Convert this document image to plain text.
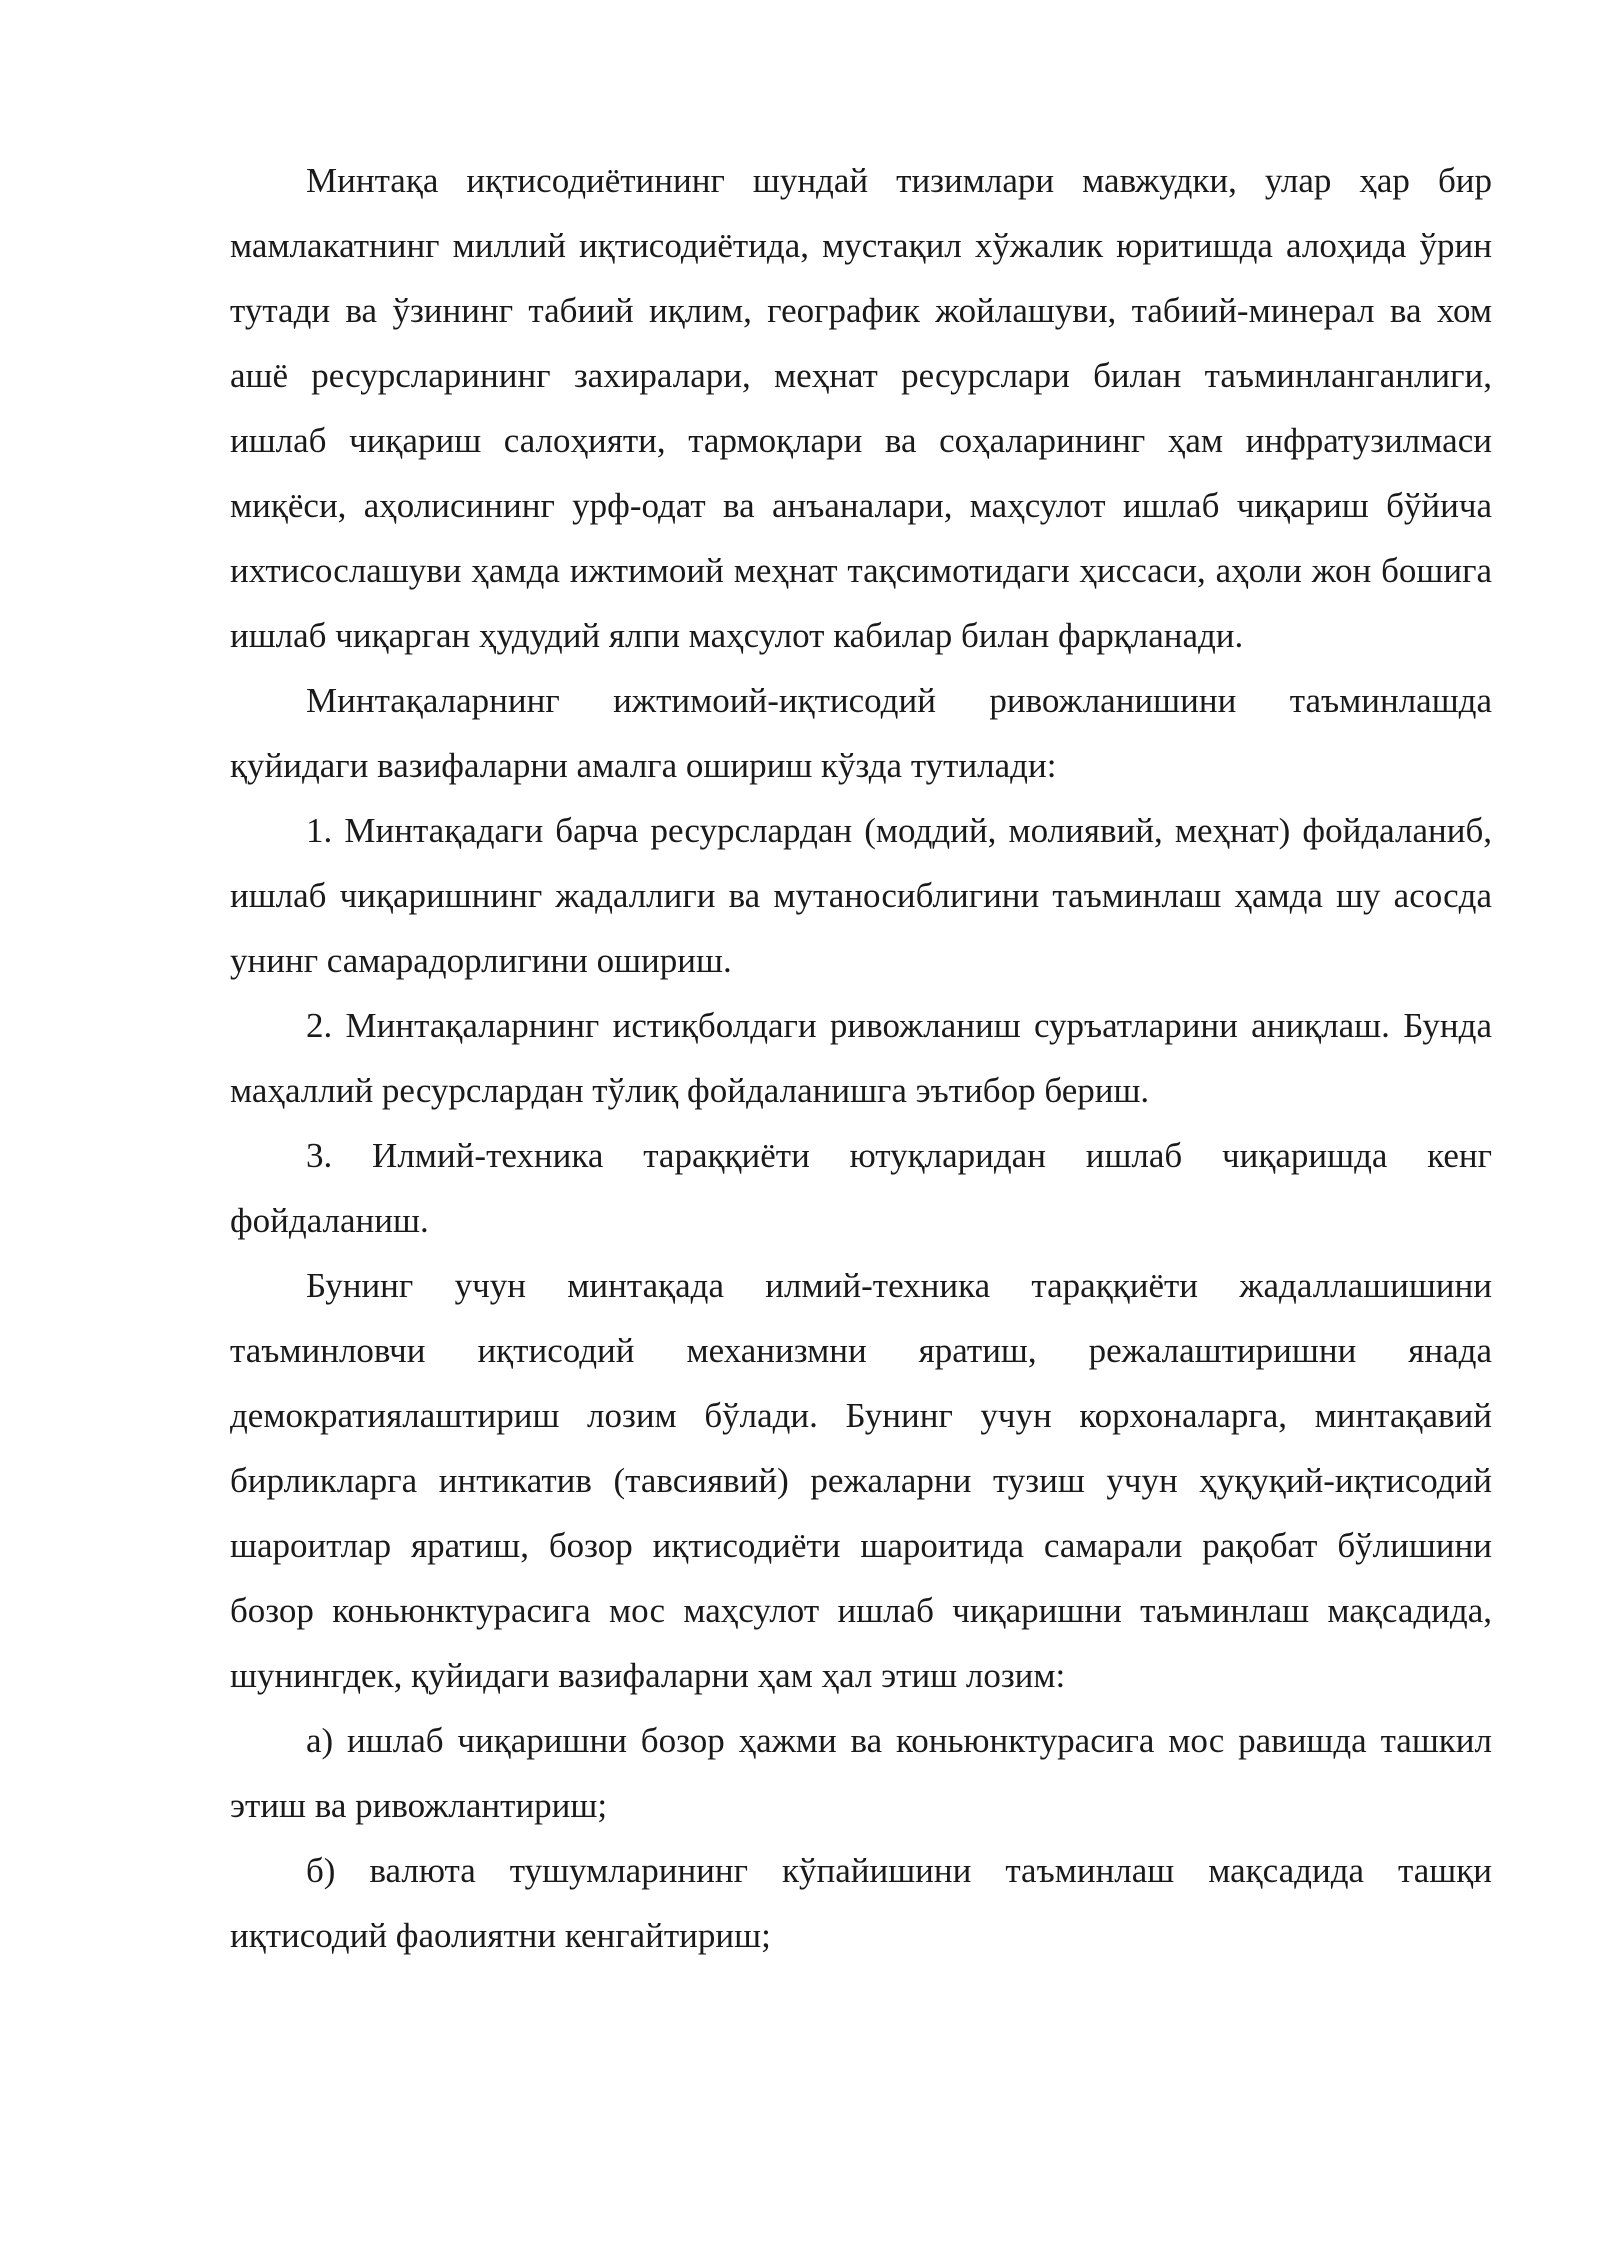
Минтақа иқтисодиётининг шундай тизимлари мавжудки, улар ҳар бир мамлакатнинг миллий иқтисодиётида, мустақил хўжалик юритишда алоҳида ўрин тутади ва ўзининг табиий иқлим, географик жойлашуви, табиий-минерал ва хом ашё ресурсларининг захиралари, меҳнат ресурслари билан таъминланганлиги, ишлаб чиқариш салоҳияти, тармоқлари ва соҳаларининг ҳам инфратузилмаси миқёси, аҳолисининг урф-одат ва анъаналари, маҳсулот ишлаб чиқариш бўйича ихтисослашуви ҳамда ижтимоий меҳнат тақсимотидаги ҳиссаси, аҳоли жон бошига ишлаб чиқарган ҳудудий ялпи маҳсулот кабилар билан фарқланади.

Минтақаларнинг ижтимоий-иқтисодий ривожланишини таъминлашда қуйидаги вазифаларни амалга ошириш кўзда тутилади:

1. Минтақадаги барча ресурслардан (моддий, молиявий, меҳнат) фойдаланиб, ишлаб чиқаришнинг жадаллиги ва мутаносиблигини таъминлаш ҳамда шу асосда унинг самарадорлигини ошириш.

2. Минтақаларнинг истиқболдаги ривожланиш суръатларини аниқлаш. Бунда маҳаллий ресурслардан тўлиқ фойдаланишга эътибор бериш.

3. Илмий-техника тараққиёти ютуқларидан ишлаб чиқаришда кенг фойдаланиш.

Бунинг учун минтақада илмий-техника тараққиёти жадаллашишини таъминловчи иқтисодий механизмни яратиш, режалаштиришни янада демократиялаштириш лозим бўлади. Бунинг учун корхоналарга, минтақавий бирликларга интикатив (тавсиявий) режаларни тузиш учун ҳуқуқий-иқтисодий шароитлар яратиш, бозор иқтисодиёти шароитида самарали рақобат бўлишини бозор коньюнктурасига мос маҳсулот ишлаб чиқаришни таъминлаш мақсадида, шунингдек, қуйидаги вазифаларни ҳам ҳал этиш лозим:

а) ишлаб чиқаришни бозор ҳажми ва коньюнктурасига мос равишда ташкил этиш ва ривожлантириш;

б) валюта тушумларининг кўпайишини таъминлаш мақсадида ташқи иқтисодий фаолиятни кенгайтириш;
